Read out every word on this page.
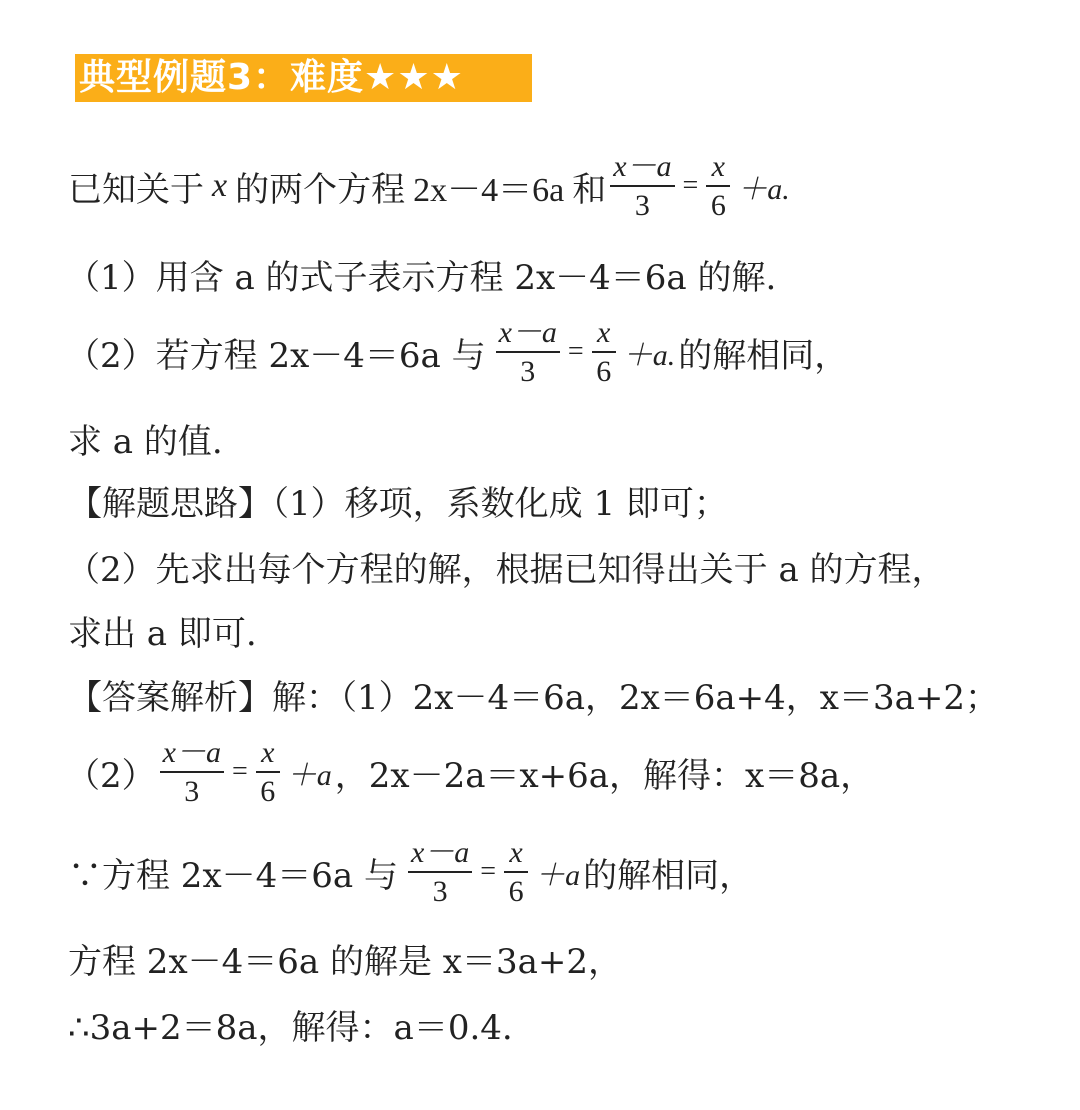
典型例题3：难度★★★
已知关于 x 的两个方程 2x－4＝6a 和 $\frac{x-a}{3} = \frac{x}{6} +a$.
（1）用含 a 的式子表示方程 2x－4＝6a 的解.
（2）若方程 2x－4＝6a 与 $\frac{x-a}{3} = \frac{x}{6} +a$. 的解相同，
求 a 的值.
【解题思路】（1）移项，系数化成 1 即可；
（2）先求出每个方程的解，根据已知得出关于 a 的方程，
求出 a 即可.
【答案解析】解：（1）2x－4＝6a，2x＝6a+4，x＝3a+2；
$(2) \frac{x-a}{3} = \frac{x}{6} +a$ ，2x－2a＝x+6a，解得：x＝8a，
∵方程 2x－4＝6a 与 $\frac{x-a}{3} = \frac{x}{6} +a$ 的解相同，
方程 2x－4＝6a 的解是 x＝3a+2，
∴3a+2＝8a，解得：a＝0.4.
